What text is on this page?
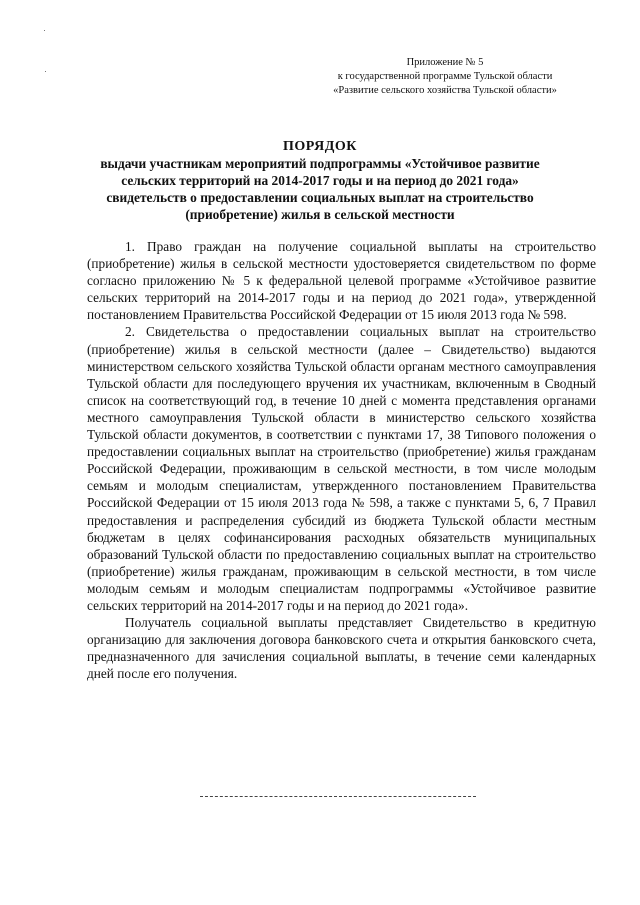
Приложение № 5
к государственной программе Тульской области
«Развитие сельского хозяйства Тульской области»
ПОРЯДОК
выдачи участникам мероприятий подпрограммы «Устойчивое развитие
сельских территорий на 2014-2017 годы и на период до 2021 года»
свидетельств о предоставлении социальных выплат на строительство
(приобретение) жилья в сельской местности

1. Право граждан на получение социальной выплаты на строительство (приобретение) жилья в сельской местности удостоверяется свидетельством по форме согласно приложению № 5 к федеральной целевой программе «Устойчивое развитие сельских территорий на 2014-2017 годы и на период до 2021 года», утвержденной постановлением Правительства Российской Федерации от 15 июля 2013 года № 598.

2. Свидетельства о предоставлении социальных выплат на строительство (приобретение) жилья в сельской местности (далее – Свидетельство) выдаются министерством сельского хозяйства Тульской области органам местного самоуправления Тульской области для последующего вручения их участникам, включенным в Сводный список на соответствующий год, в течение 10 дней с момента представления органами местного самоуправления Тульской области в министерство сельского хозяйства Тульской области документов, в соответствии с пунктами 17, 38 Типового положения о предоставлении социальных выплат на строительство (приобретение) жилья гражданам Российской Федерации, проживающим в сельской местности, в том числе молодым семьям и молодым специалистам, утвержденного постановлением Правительства Российской Федерации от 15 июля 2013 года № 598, а также с пунктами 5, 6, 7 Правил предоставления и распределения субсидий из бюджета Тульской области местным бюджетам в целях софинансирования расходных обязательств муниципальных образований Тульской области по предоставлению социальных выплат на строительство (приобретение) жилья гражданам, проживающим в сельской местности, в том числе молодым семьям и молодым специалистам подпрограммы «Устойчивое развитие сельских территорий на 2014-2017 годы и на период до 2021 года».

Получатель социальной выплаты представляет Свидетельство в кредитную организацию для заключения договора банковского счета и открытия банковского счета, предназначенного для зачисления социальной выплаты, в течение семи календарных дней после его получения.
